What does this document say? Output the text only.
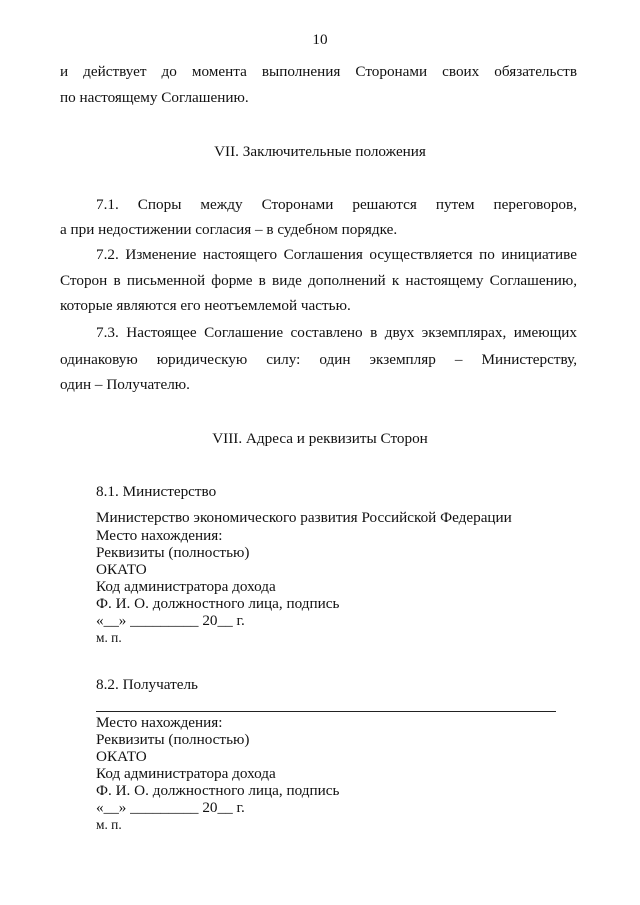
10
и действует до момента выполнения Сторонами своих обязательств
по настоящему Соглашению.
VII. Заключительные положения
7.1. Споры между Сторонами решаются путем переговоров,
а при недостижении согласия – в судебном порядке.
7.2. Изменение настоящего Соглашения осуществляется по инициативе
Сторон в письменной форме в виде дополнений к настоящему Соглашению,
которые являются его неотъемлемой частью.
7.3. Настоящее Соглашение составлено в двух экземплярах, имеющих
одинаковую юридическую силу: один экземпляр – Министерству,
один – Получателю.
VIII. Адреса и реквизиты Сторон
8.1. Министерство
Министерство экономического развития Российской Федерации
Место нахождения:
Реквизиты (полностью)
ОКАТО
Код администратора дохода
Ф. И. О. должностного лица, подпись
«__» _________ 20__ г.
м. п.
8.2. Получатель
Место нахождения:
Реквизиты (полностью)
ОКАТО
Код администратора дохода
Ф. И. О. должностного лица, подпись
«__» _________ 20__ г.
м. п.
